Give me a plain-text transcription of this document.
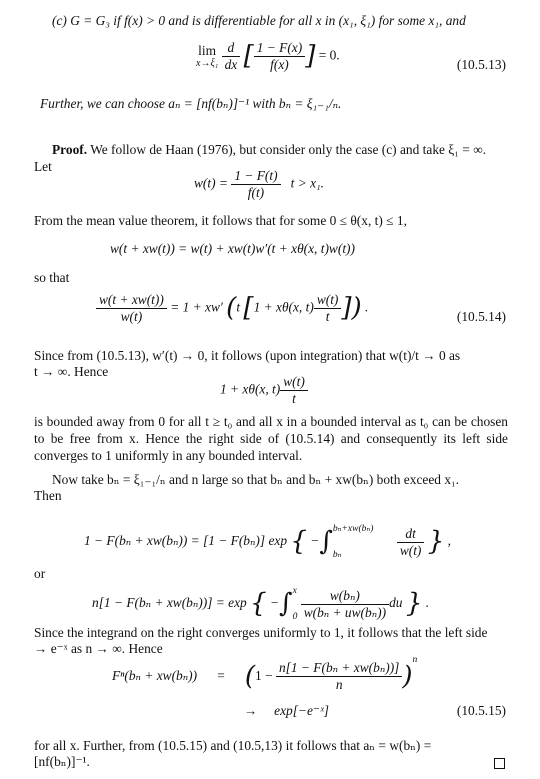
(c) G = G₃ if f(x) > 0 and is differentiable for all x in (x₁, ξ₁) for some x₁, and
lim
x→ξ₁
$\frac{d}{dx}$ [ $\frac{1 - F(x)}{f(x)}$ ] = 0.
(10.5.13)
Further, we can choose aₙ = [nf(bₙ)]⁻¹ with bₙ = ξ₁₋₁/ₙ.
Proof. We follow de Haan (1976), but consider only the case (c) and take ξ₁ = ∞.
Let
$w(t) = \frac{1 - F(t)}{f(t)}$ t > x₁.
From the mean value theorem, it follows that for some 0 ≤ θ(x, t) ≤ 1,
w(t + xw(t)) = w(t) + xw(t)w′(t + xθ(x, t)w(t))
so that
$\frac{w(t + xw(t))}{w(t)} = 1 + xw'$ (t [1 + xθ(x, $t) \frac{w(t)}{t}$ ]) .
(10.5.14)
Since from (10.5.13), w′(t) → 0, it follows (upon integration) that w(t)/t → 0 as
t → ∞. Hence
1 + xθ(x, $t) \frac{w(t)}{t}$
is bounded away from 0 for all t ≥ t₀ and all x in a bounded interval as t₀ can be chosen to be free from x. Hence the right side of (10.5.14) and consequently its left side converges to 1 uniformly in any bounded interval.
Now take bₙ = ξ₁₋₁/ₙ and n large so that bₙ and bₙ + xw(bₙ) both exceed x₁.
Then
1 − F(bₙ + xw(bₙ)) = [1 − F(bₙ)] exp { −∫ bₙ+xw(bₙ)
bₙ
	$\frac{dt}{w(t)}$ } ,
or
n[1 − F(bₙ + xw(bₙ))] = exp { −∫ x
0
$\frac{\text{w(bₙ)}}{\text{w(bₙ + uw(bₙ))}}$ du } .
Since the integrand on the right converges uniformly to 1, it follows that the left side
→ e⁻ˣ as n → ∞. Hence
$F^n(b_n + xw(b_n)) = (1 - \frac{\text{n[1 − F(bₙ + xw(bₙ))]}}{n} )^n$
→ exp[−e⁻ˣ]	(10.5.15)
for all x. Further, from (10.5.15) and (10.5,13) it follows that aₙ = w(bₙ) =
[nf(bₙ)]⁻¹.
